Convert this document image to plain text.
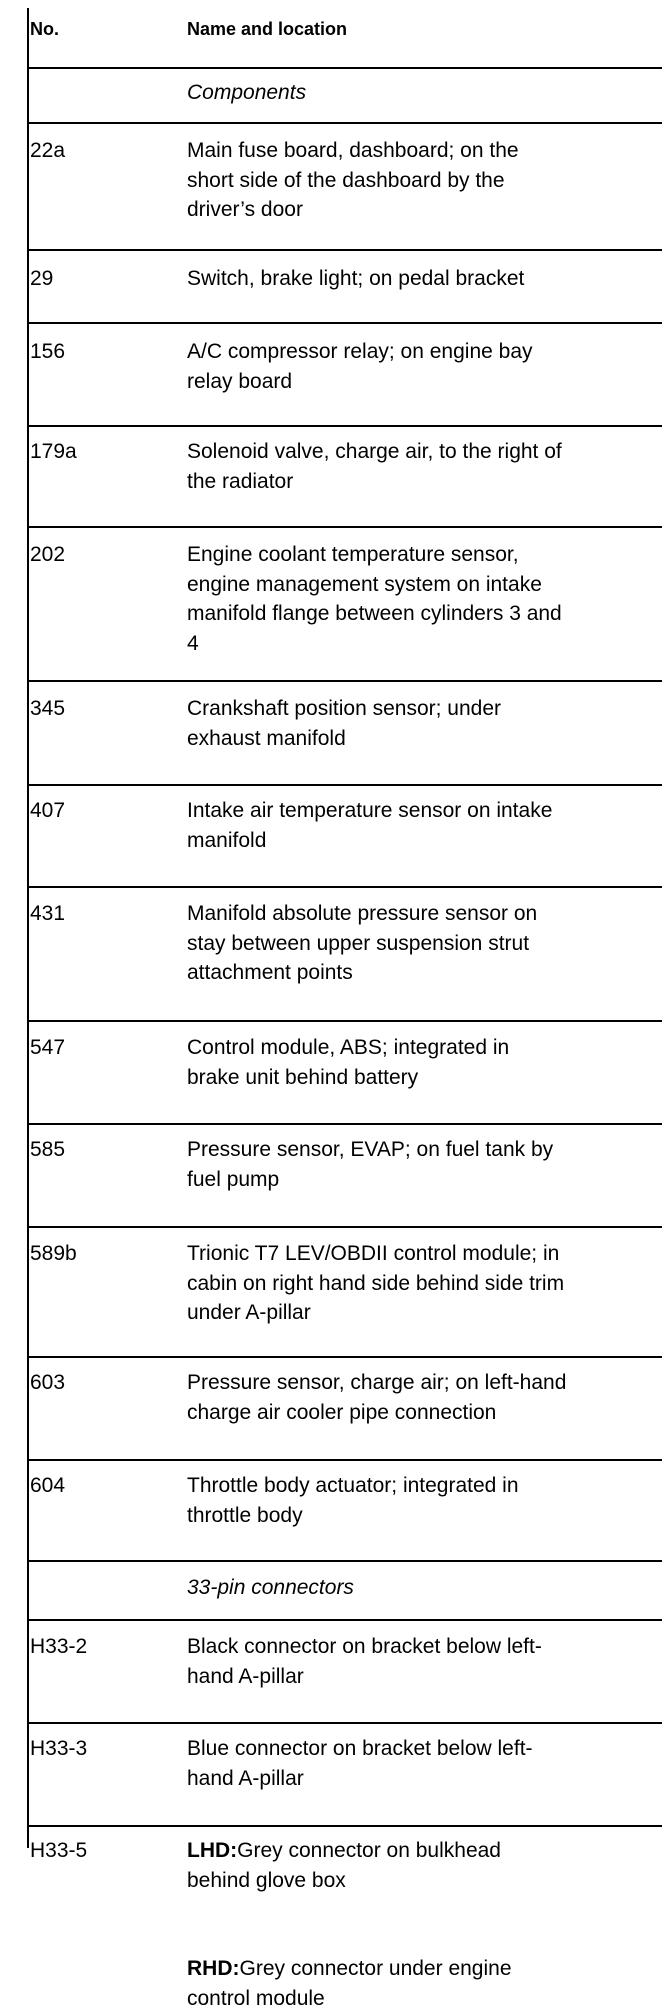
No.	Name and location
Components
22a	Main fuse board, dashboard; on the
short side of the dashboard by the
driver’s door
29	Switch, brake light; on pedal bracket
156	A/C compressor relay; on engine bay
relay board
179a	Solenoid valve, charge air, to the right of
the radiator
202	Engine coolant temperature sensor,
engine management system on intake
manifold flange between cylinders 3 and
4
345	Crankshaft position sensor; under
exhaust manifold
407	Intake air temperature sensor on intake
manifold
431	Manifold absolute pressure sensor on
stay between upper suspension strut
attachment points
547	Control module, ABS; integrated in
brake unit behind battery
585	Pressure sensor, EVAP; on fuel tank by
fuel pump
589b	Trionic T7 LEV/OBDII control module; in
cabin on right hand side behind side trim
under A-pillar
603	Pressure sensor, charge air; on left-hand
charge air cooler pipe connection
604	Throttle body actuator; integrated in
throttle body
33-pin connectors
H33-2	Black connector on bracket below left-
hand A-pillar
H33-3	Blue connector on bracket below left-
hand A-pillar
H33-5	LHD:Grey connector on bulkhead
behind glove box
RHD:Grey connector under engine
control module
